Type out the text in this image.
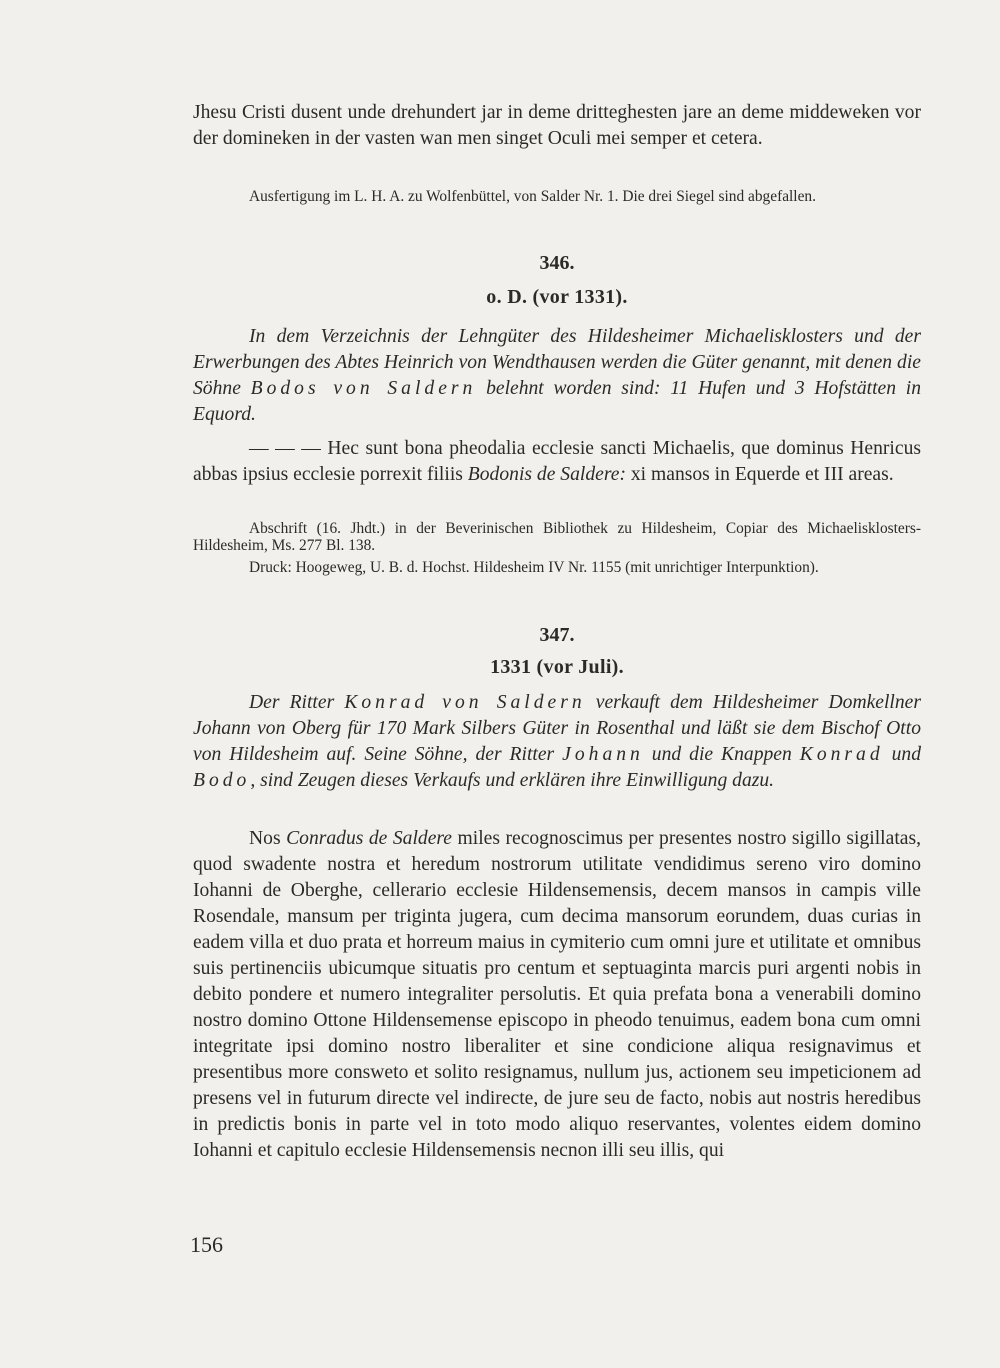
Jhesu Cristi dusent unde drehundert jar in deme dritteghesten jare an deme middeweken vor der domineken in der vasten wan men singet Oculi mei semper et cetera.

Ausfertigung im L. H. A. zu Wolfenbüttel, von Salder Nr. 1. Die drei Siegel sind abgefallen.

346.

o. D. (vor 1331).

In dem Verzeichnis der Lehngüter des Hildesheimer Michaelisklosters und der Erwerbungen des Abtes Heinrich von Wendthausen werden die Güter genannt, mit denen die Söhne Bodos von Saldern belehnt worden sind: 11 Hufen und 3 Hofstätten in Equord.

— — — Hec sunt bona pheodalia ecclesie sancti Michaelis, que dominus Henricus abbas ipsius ecclesie porrexit filiis Bodonis de Saldere: xi mansos in Equerde et III areas.

Abschrift (16. Jhdt.) in der Beverinischen Bibliothek zu Hildesheim, Copiar des Michaelisklosters-Hildesheim, Ms. 277 Bl. 138.

Druck: Hoogeweg, U. B. d. Hochst. Hildesheim IV Nr. 1155 (mit unrichtiger Interpunktion).

347.

1331 (vor Juli).

Der Ritter Konrad von Saldern verkauft dem Hildesheimer Domkellner Johann von Oberg für 170 Mark Silbers Güter in Rosenthal und läßt sie dem Bischof Otto von Hildesheim auf. Seine Söhne, der Ritter Johann und die Knappen Konrad und Bodo, sind Zeugen dieses Verkaufs und erklären ihre Einwilligung dazu.

Nos Conradus de Saldere miles recognoscimus per presentes nostro sigillo sigillatas, quod swadente nostra et heredum nostrorum utilitate vendidimus sereno viro domino Iohanni de Oberghe, cellerario ecclesie Hildensemensis, decem mansos in campis ville Rosendale, mansum per triginta jugera, cum decima mansorum eorundem, duas curias in eadem villa et duo prata et horreum maius in cymiterio cum omni jure et utilitate et omnibus suis pertinenciis ubicumque situatis pro centum et septuaginta marcis puri argenti nobis in debito pondere et numero integraliter persolutis. Et quia prefata bona a venerabili domino nostro domino Ottone Hildensemense episcopo in pheodo tenuimus, eadem bona cum omni integritate ipsi domino nostro liberaliter et sine condicione aliqua resignavimus et presentibus more consweto et solito resignamus, nullum jus, actionem seu impeticionem ad presens vel in futurum directe vel indirecte, de jure seu de facto, nobis aut nostris heredibus in predictis bonis in parte vel in toto modo aliquo reservantes, volentes eidem domino Iohanni et capitulo ecclesie Hildensemensis necnon illi seu illis, qui

156
